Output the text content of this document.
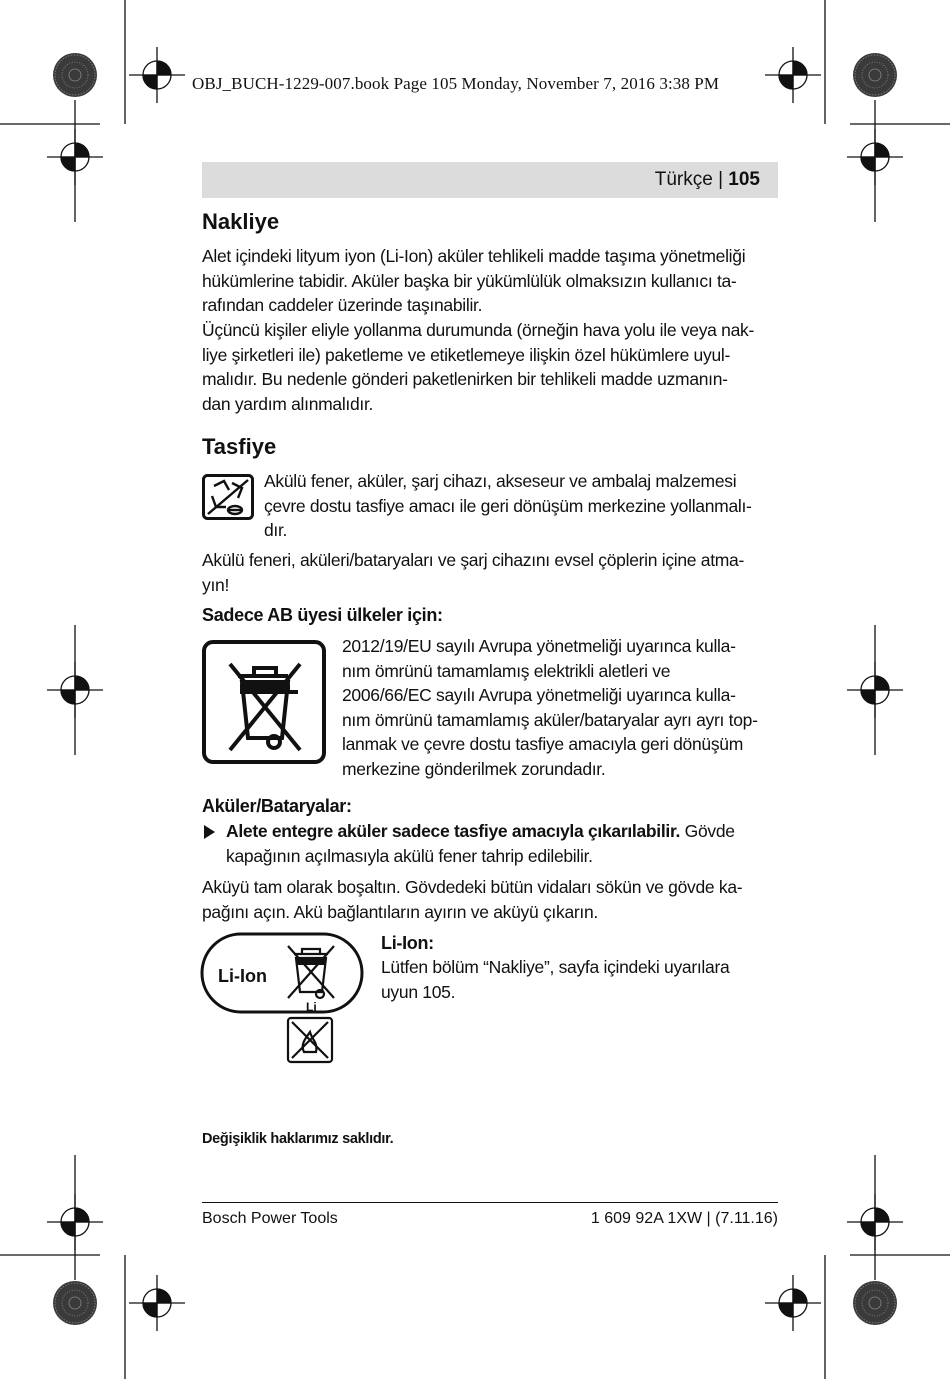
OBJ_BUCH-1229-007.book Page 105 Monday, November 7, 2016 3:38 PM
Türkçe | 105
Nakliye
Alet içindeki lityum iyon (Li-Ion) aküler tehlikeli madde taşıma yönetmeliği
hükümlerine tabidir. Aküler başka bir yükümlülük olmaksızın kullanıcı ta-
rafından caddeler üzerinde taşınabilir.
Üçüncü kişiler eliyle yollanma durumunda (örneğin hava yolu ile veya nak-
liye şirketleri ile) paketleme ve etiketlemeye ilişkin özel hükümlere uyul-
malıdır. Bu nedenle gönderi paketlenirken bir tehlikeli madde uzmanın-
dan yardım alınmalıdır.
Tasfiye
Akülü fener, aküler, şarj cihazı, akseseur ve ambalaj malzemesi
çevre dostu tasfiye amacı ile geri dönüşüm merkezine yollanmalı-
dır.
Akülü feneri, aküleri/bataryaları ve şarj cihazını evsel çöplerin içine atma-
yın!
Sadece AB üyesi ülkeler için:
2012/19/EU sayılı Avrupa yönetmeliği uyarınca kulla-
nım ömrünü tamamlamış elektrikli aletleri ve
2006/66/EC sayılı Avrupa yönetmeliği uyarınca kulla-
nım ömrünü tamamlamış aküler/bataryalar ayrı ayrı top-
lanmak ve çevre dostu tasfiye amacıyla geri dönüşüm
merkezine gönderilmek zorundadır.
Aküler/Bataryalar:
Alete entegre aküler sadece tasfiye amacıyla çıkarılabilir. Gövde
kapağının açılmasıyla akülü fener tahrip edilebilir.
Aküyü tam olarak boşaltın. Gövdedeki bütün vidaları sökün ve gövde ka-
pağını açın. Akü bağlantıların ayırın ve aküyü çıkarın.
Li-Ion
Li
Li-Ion:
Lütfen bölüm “Nakliye”, sayfa içindeki uyarılara
uyun 105.
Değişiklik haklarımız saklıdır.
Bosch Power Tools	1 609 92A 1XW | (7.11.16)
